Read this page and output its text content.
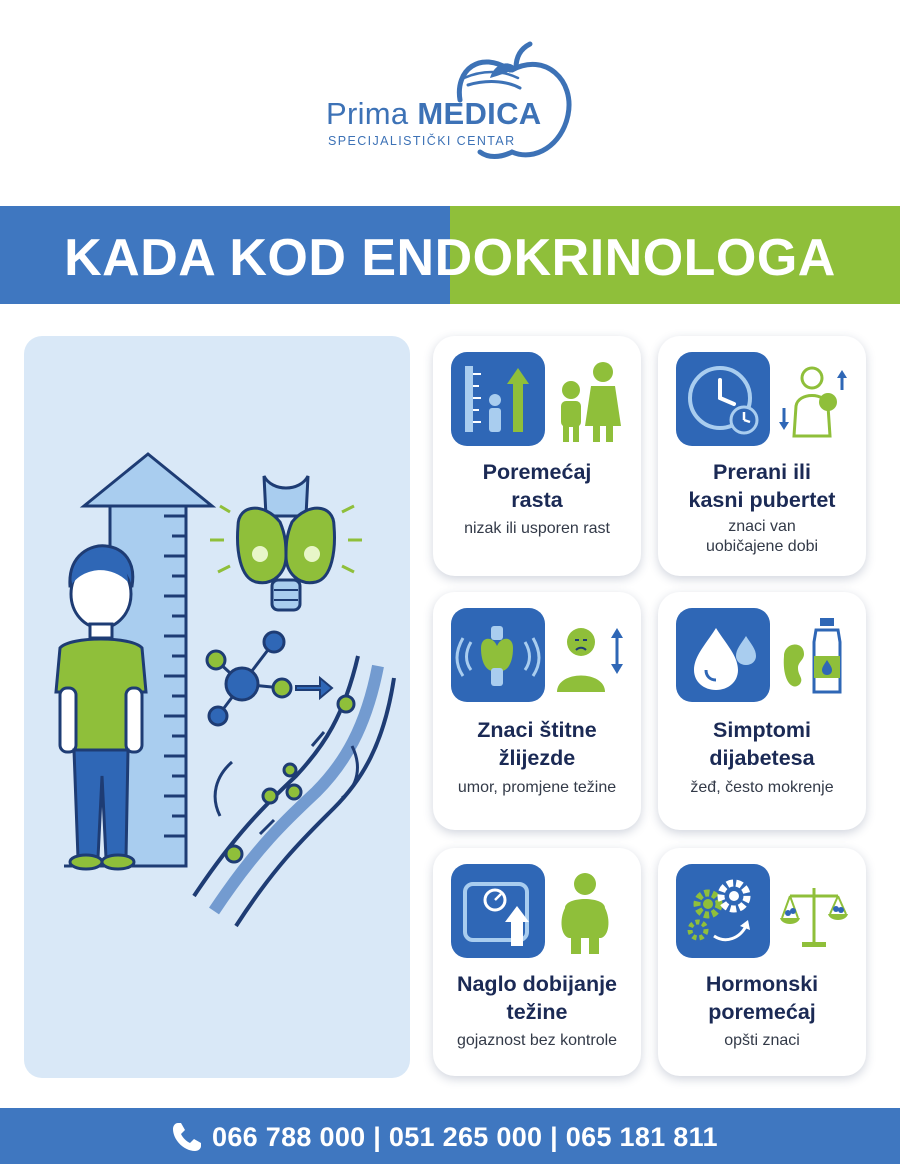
Prima MEDICA
SPECIJALISTIČKI CENTAR
KADA KOD ENDOKRINOLOGA
Poremećaj
rasta
nizak ili usporen rast
Prerani ili
kasni pubertet
znaci van
uobičajene dobi
Znaci štitne
žlijezde
umor, promjene težine
Simptomi
dijabetesa
žeđ, često mokrenje
Naglo dobijanje
težine
gojaznost bez kontrole
Hormonski
poremećaj
opšti znaci
066 788 000 | 051 265 000 | 065 181 811
